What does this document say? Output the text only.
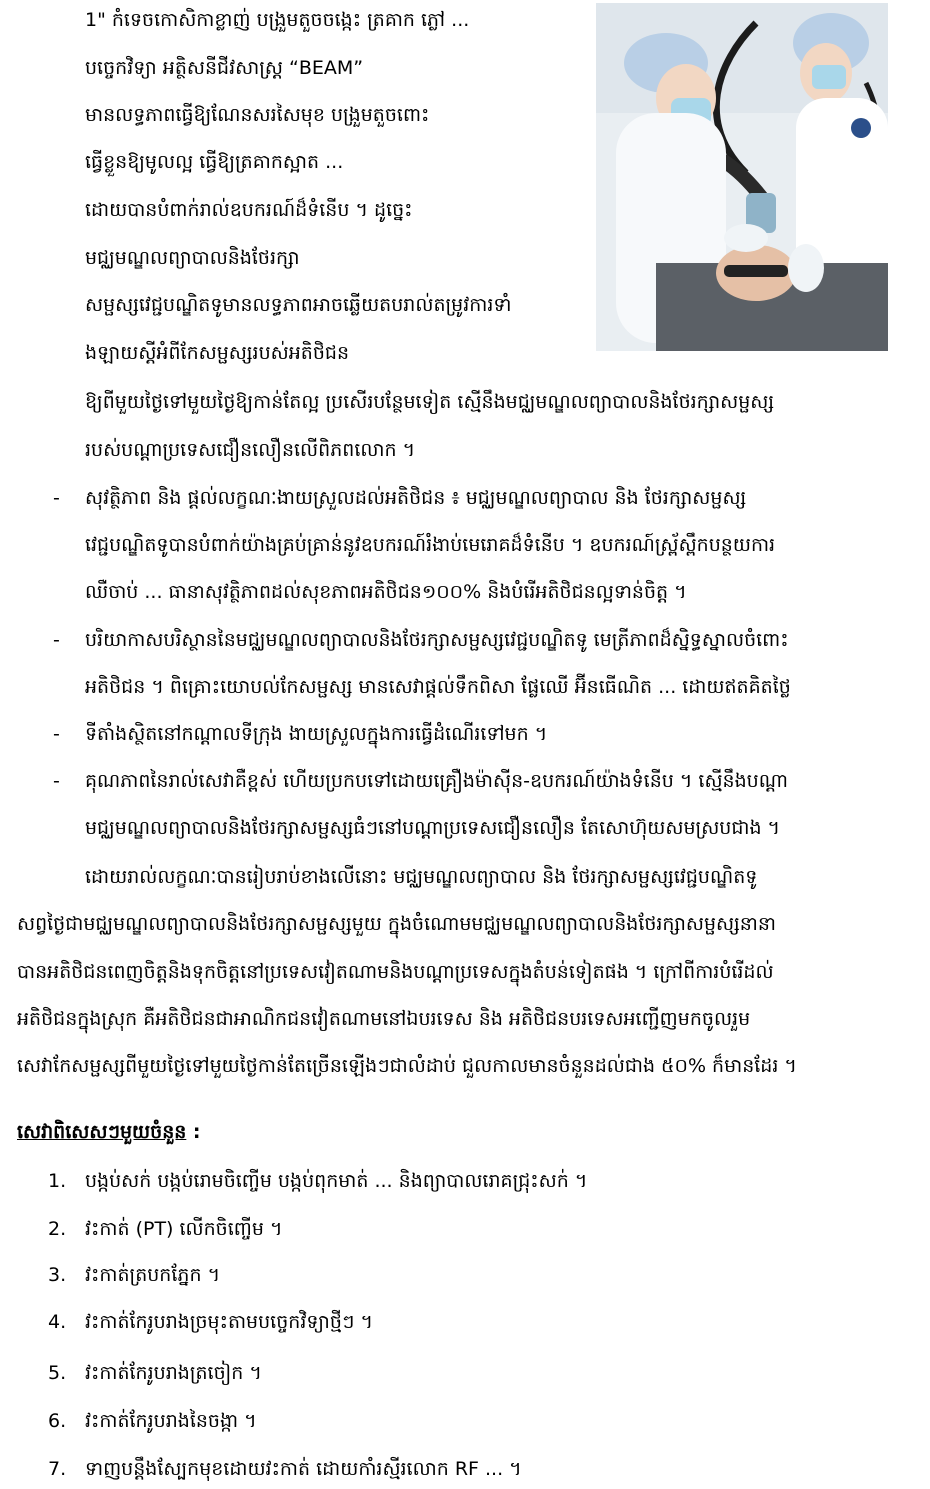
1" កំទេចកោសិកាខ្លាញ់ បង្រួមតួចចង្កេះ ត្រគាក ភ្លៅ ...
បច្ចេកវិទ្យា អត្ថិសនីជីវសាស្ត្រ “BEAM”
មានលទ្ធភាពធ្វើឱ្យណែនសរសៃមុខ បង្រួមតួចពោះ
ធ្វើខ្លួនឱ្យមូលល្អ ធ្វើឱ្យត្រគាកស្អាត ...
ដោយបានបំពាក់រាល់ឧបករណ៍ដ៏ទំនើប ។ ដូច្នេះ
មជ្ឈមណ្ឌលព្យាបាលនិងថែរក្សា
សម្ផស្សវេជ្ជបណ្ឌិតទូមានលទ្ធភាពអាចឆ្លើយតបរាល់តម្រូវការទាំ
ងឡាយស្តីអំពីកែសម្ផស្សរបស់អតិថិជន
ឱ្យពីមួយថ្ងៃទៅមួយថ្ងៃឱ្យកាន់តែល្អ ប្រសើរបន្ថែមទៀត ស្មើនឹងមជ្ឈមណ្ឌលព្យាបាលនិងថែរក្សាសម្ផស្ស
របស់បណ្តាប្រទេសជឿនលឿនលើពិភពលោក ។
- សុវត្ថិភាព និង ផ្តល់លក្ខណៈងាយស្រួលដល់អតិថិជន ៖ មជ្ឈមណ្ឌលព្យាបាល និង ថែរក្សាសម្ផស្ស
វេជ្ជបណ្ឌិតទូបានបំពាក់យ៉ាងគ្រប់គ្រាន់នូវឧបករណ៍រំងាប់មេរោគដ៏ទំនើប ។ ឧបករណ៍ស្រ្ព័ស្ពឹកបន្ថយការ
ឈឺចាប់ ... ធានាសុវត្ថិភាពដល់សុខភាពអតិថិជន១០០% និងបំរើអតិថិជនល្អទាន់ចិត្ត ។
- បរិយាកាសបរិស្ថាននៃមជ្ឈមណ្ឌលព្យាបាលនិងថែរក្សាសម្ផស្សវេជ្ជបណ្ឌិតទូ មេត្រីភាពដ៏ស្និទ្ធស្នាលចំពោះ
អតិថិជន ។ ពិគ្រោះយោបល់កែសម្ផស្ស មានសេវាផ្តល់ទឹកពិសា ផ្លែឈើ អ៊ីនធើណិត ... ដោយឥតគិតថ្លៃ
- ទីតាំងស្ថិតនៅកណ្តាលទីក្រុង ងាយស្រួលក្នុងការធ្វើដំណើរទៅមក ។
- គុណភាពនៃរាល់សេវាគឺខ្ពស់ ហើយប្រកបទៅដោយគ្រឿងម៉ាស៊ីន-ឧបករណ៍យ៉ាងទំនើប ។ ស្មើនឹងបណ្តា
មជ្ឈមណ្ឌលព្យាបាលនិងថែរក្សាសម្ផស្សធំៗនៅបណ្តាប្រទេសជឿនលឿន តែសោហ៊ុយសមស្របជាង ។
ដោយរាល់លក្ខណៈបានរៀបរាប់ខាងលើនោះ មជ្ឈមណ្ឌលព្យាបាល និង ថែរក្សាសម្ផស្សវេជ្ជបណ្ឌិតទូ
សព្វថ្ងៃជាមជ្ឈមណ្ឌលព្យាបាលនិងថែរក្សាសម្ផស្សមួយ ក្នុងចំណោមមជ្ឈមណ្ឌលព្យាបាលនិងថែរក្សាសម្ផស្សនានា
បានអតិថិជនពេញចិត្តនិងទុកចិត្តនៅប្រទេសវៀតណាមនិងបណ្តាប្រទេសក្នុងតំបន់ទៀតផង ។ ក្រៅពីការបំរើដល់
អតិថិជនក្នុងស្រុក គឺអតិថិជនជាអាណិកជនវៀតណាមនៅឯបរទេស និង អតិថិជនបរទេសអញ្ជើញមកចូលរួម
សេវាកែសម្ផស្សពីមួយថ្ងៃទៅមួយថ្ងៃកាន់តែច្រើនឡើងៗជាលំដាប់ ជួលកាលមានចំនួនដល់ជាង ៥០% ក៏មានដែរ ។
សេវាពិសេសៗមួយចំនួន :
1. បង្កប់សក់ បង្កប់រោមចិញ្ចើម បង្កប់ពុកមាត់ ... និងព្យាបាលរោគជ្រុះសក់ ។
2. វះកាត់ (PT) លើកចិញ្ចើម ។
3. វះកាត់ត្របកភ្នែក ។
4. វះកាត់កែរូបរាងច្រមុះតាមបច្ចេកវិទ្យាថ្មីៗ ។
5. វះកាត់កែរូបរាងត្រចៀក ។
6. វះកាត់កែរូបរាងនៃចង្កា ។
7. ទាញបន្តឹងស្បែកមុខដោយវះកាត់ ដោយកាំរស្មីរលោក RF ... ។
